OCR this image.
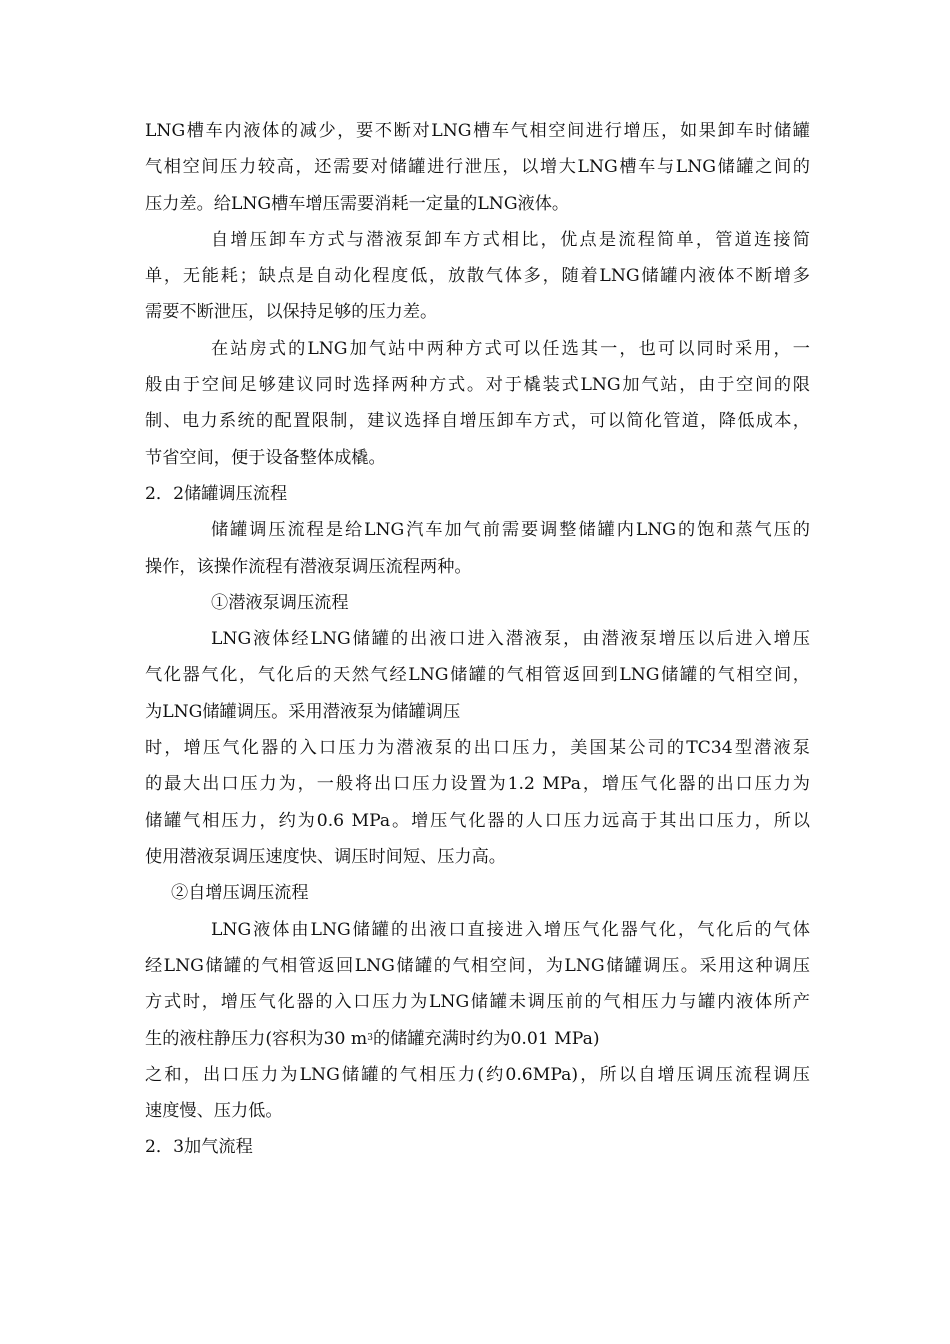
LNG槽车内液体的减少，要不断对LNG槽车气相空间进行增压，如果卸车时储罐
气相空间压力较高，还需要对储罐进行泄压，以增大LNG槽车与LNG储罐之间的
压力差。给LNG槽车增压需要消耗一定量的LNG液体。
自增压卸车方式与潜液泵卸车方式相比，优点是流程简单，管道连接简
单，无能耗；缺点是自动化程度低，放散气体多，随着LNG储罐内液体不断增多
需要不断泄压，以保持足够的压力差。
在站房式的LNG加气站中两种方式可以任选其一，也可以同时采用，一
般由于空间足够建议同时选择两种方式。对于橇装式LNG加气站，由于空间的限
制、电力系统的配置限制，建议选择自增压卸车方式，可以简化管道，降低成本，
节省空间，便于设备整体成橇。
2．2储罐调压流程
储罐调压流程是给LNG汽车加气前需要调整储罐内LNG的饱和蒸气压的
操作，该操作流程有潜液泵调压流程两种。
①潜液泵调压流程
LNG液体经LNG储罐的出液口进入潜液泵，由潜液泵增压以后进入增压
气化器气化，气化后的天然气经LNG储罐的气相管返回到LNG储罐的气相空间，
为LNG储罐调压。采用潜液泵为储罐调压
时，增压气化器的入口压力为潜液泵的出口压力，美国某公司的TC34型潜液泵
的最大出口压力为，一般将出口压力设置为1.2 MPa，增压气化器的出口压力为
储罐气相压力，约为0.6 MPa。增压气化器的人口压力远高于其出口压力，所以
使用潜液泵调压速度快、调压时间短、压力高。
②自增压调压流程
LNG液体由LNG储罐的出液口直接进入增压气化器气化，气化后的气体
经LNG储罐的气相管返回LNG储罐的气相空间，为LNG储罐调压。采用这种调压
方式时，增压气化器的入口压力为LNG储罐未调压前的气相压力与罐内液体所产
生的液柱静压力(容积为30 $m^3$的储罐充满时约为0.01 MPa)
之和，出口压力为LNG储罐的气相压力(约0.6MPa)，所以自增压调压流程调压
速度慢、压力低。
2．3加气流程
